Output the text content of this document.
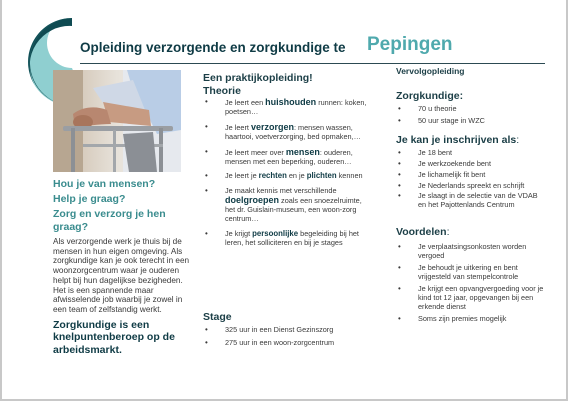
Opleiding verzorgende en zorgkundige te Pepingen
Hou je van mensen?
Help je graag?
Zorg en verzorg je hen graag?
Als verzorgende werk je thuis bij de mensen in hun eigen omgeving. Als zorgkundige kan je ook terecht in een woonzorgcentrum waar je ouderen helpt bij hun dagelijkse bezigheden. Het is een spannende maar afwisselende job waarbij je zowel in een team of zelfstandig werkt.
Zorgkundige is een knelpuntenberoep op de arbeidsmarkt.
Een praktijkopleiding!
Theorie
• Je leert een huishouden runnen: koken, poetsen…
• Je leert verzorgen: mensen wassen, haartooi, voetverzorging, bed opmaken,…
• Je leert meer over mensen: ouderen, mensen met een beperking, ouderen…
• Je leert je rechten en je plichten kennen
• Je maakt kennis met verschillende doelgroepen zoals een snoezelruimte, het dr. Guislain-museum, een woon-zorg centrum…
• Je krijgt persoonlijke begeleiding bij het leren, het solliciteren en bij je stages
Stage
• 325 uur in een Dienst Gezinszorg
• 275 uur in een woon-zorgcentrum
Vervolgopleiding
Zorgkundige:
• 70 u theorie
• 50 uur stage in WZC
Je kan je inschrijven als:
• Je 18 bent
• Je werkzoekende bent
• Je lichamelijk fit bent
• Je Nederlands spreekt en schrijft
• Je slaagt in de selectie van de VDAB en het Pajottenlands Centrum
Voordelen:
• Je verplaatsingsonkosten worden vergoed
• Je behoudt je uitkering en bent vrijgesteld van stempelcontrole
• Je krijgt een opvangvergoeding voor je kind tot 12 jaar, opgevangen bij een erkende dienst
• Soms zijn premies mogelijk
